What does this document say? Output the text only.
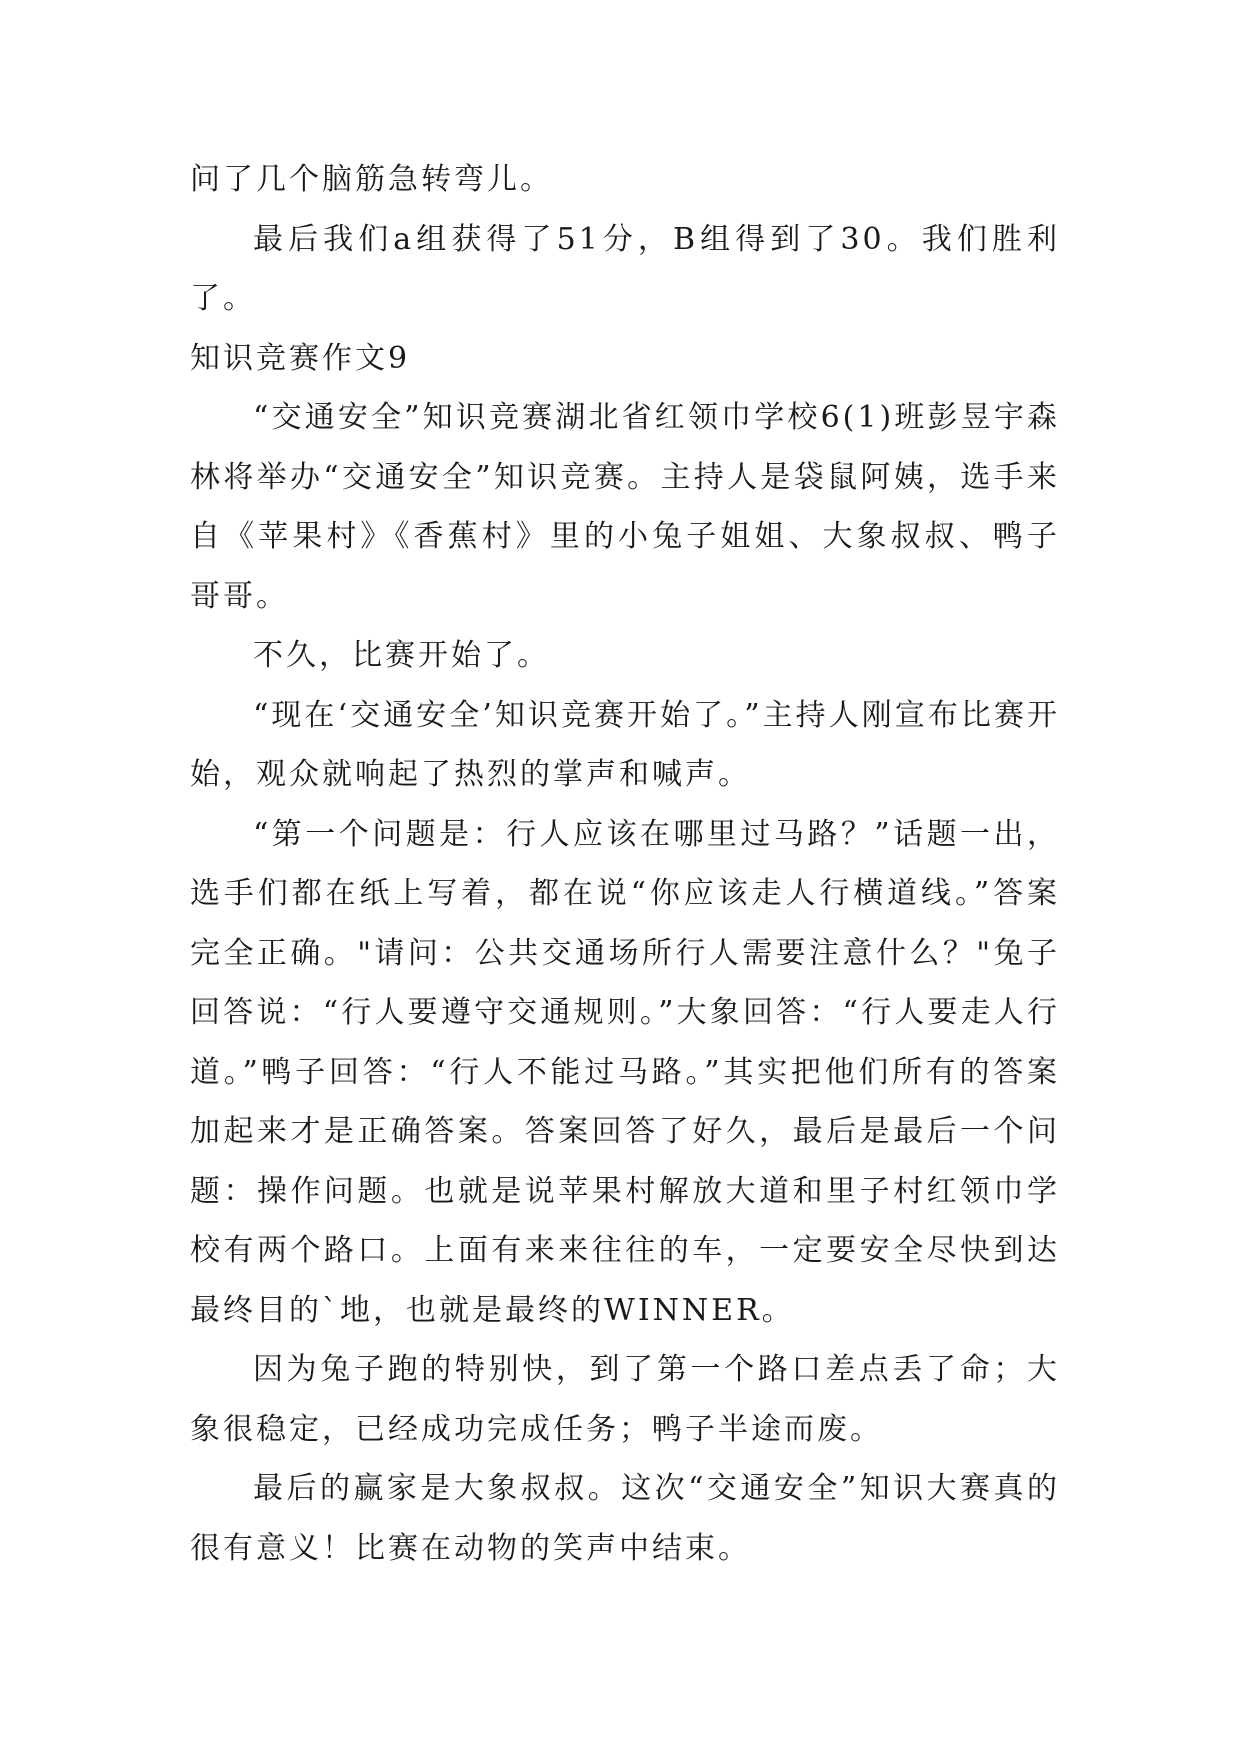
问了几个脑筋急转弯儿。

最后我们a组获得了51分，B组得到了30。我们胜利了。

知识竞赛作文9

“交通安全”知识竞赛湖北省红领巾学校6(1)班彭昱宇森林将举办“交通安全”知识竞赛。主持人是袋鼠阿姨，选手来自《苹果村》《香蕉村》里的小兔子姐姐、大象叔叔、鸭子哥哥。

不久，比赛开始了。

“现在‘交通安全’知识竞赛开始了。”主持人刚宣布比赛开始，观众就响起了热烈的掌声和喊声。

“第一个问题是：行人应该在哪里过马路？”话题一出，选手们都在纸上写着，都在说“你应该走人行横道线。”答案完全正确。"请问：公共交通场所行人需要注意什么？"兔子回答说：“行人要遵守交通规则。”大象回答：“行人要走人行道。”鸭子回答：“行人不能过马路。”其实把他们所有的答案加起来才是正确答案。答案回答了好久，最后是最后一个问题：操作问题。也就是说苹果村解放大道和里子村红领巾学校有两个路口。上面有来来往往的车，一定要安全尽快到达最终目的`地，也就是最终的WINNER。

因为兔子跑的特别快，到了第一个路口差点丢了命；大象很稳定，已经成功完成任务；鸭子半途而废。

最后的赢家是大象叔叔。这次“交通安全”知识大赛真的很有意义！比赛在动物的笑声中结束。
